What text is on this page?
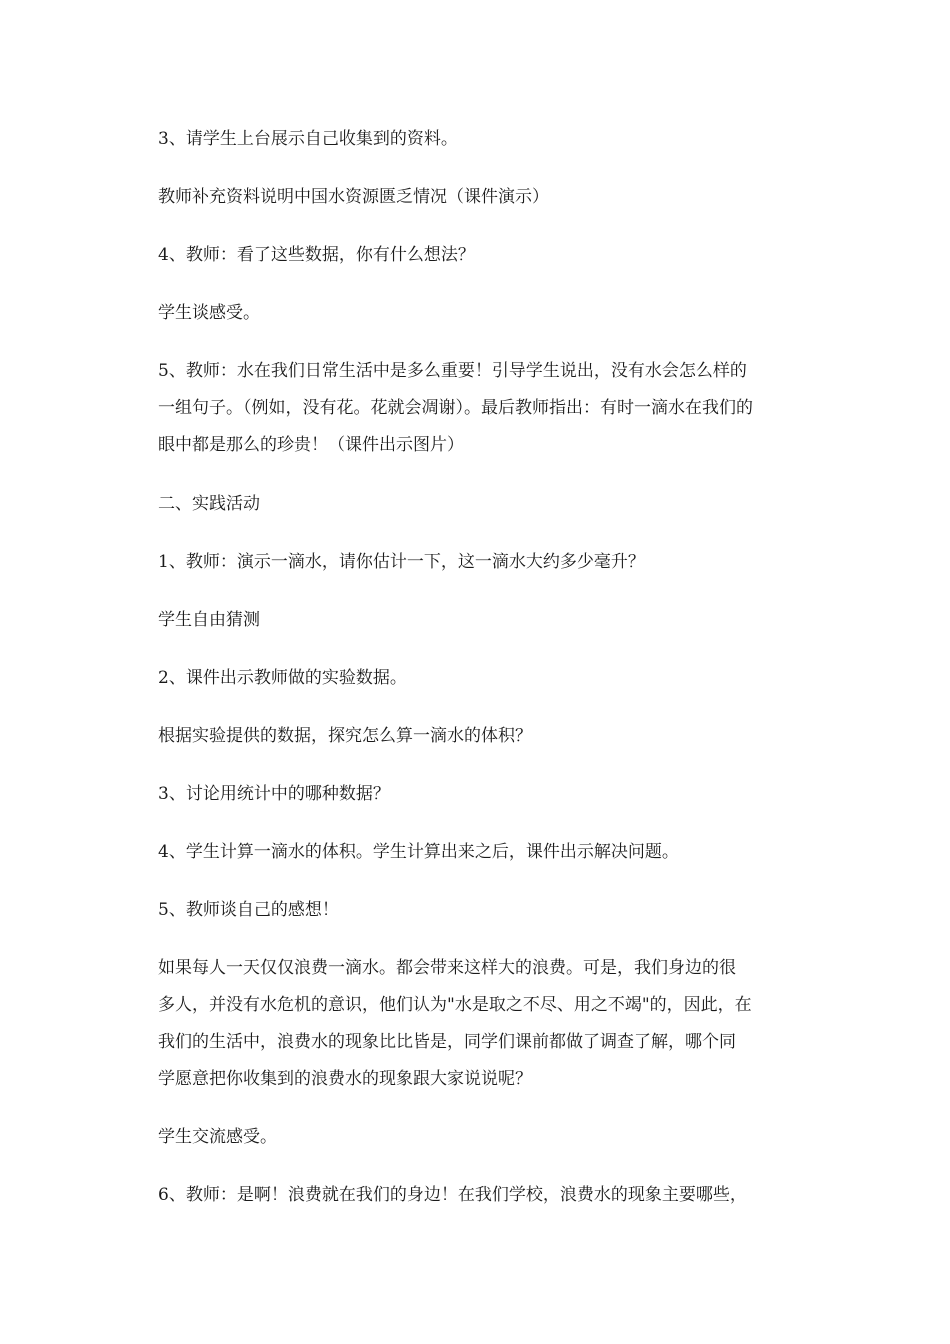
3、请学生上台展示自己收集到的资料。

教师补充资料说明中国水资源匮乏情况（课件演示）

4、教师：看了这些数据，你有什么想法？

学生谈感受。

5、教师：水在我们日常生活中是多么重要！引导学生说出，没有水会怎么样的
一组句子。（例如，没有花。花就会凋谢）。最后教师指出：有时一滴水在我们的
眼中都是那么的珍贵！（课件出示图片）

二、实践活动

1、教师：演示一滴水，请你估计一下，这一滴水大约多少毫升？

学生自由猜测

2、课件出示教师做的实验数据。

根据实验提供的数据，探究怎么算一滴水的体积？

3、讨论用统计中的哪种数据？

4、学生计算一滴水的体积。学生计算出来之后，课件出示解决问题。

5、教师谈自己的感想！

如果每人一天仅仅浪费一滴水。都会带来这样大的浪费。可是，我们身边的很
多人，并没有水危机的意识，他们认为"水是取之不尽、用之不竭"的，因此，在
我们的生活中，浪费水的现象比比皆是，同学们课前都做了调查了解，哪个同
学愿意把你收集到的浪费水的现象跟大家说说呢？

学生交流感受。

6、教师：是啊！浪费就在我们的身边！在我们学校，浪费水的现象主要哪些，
